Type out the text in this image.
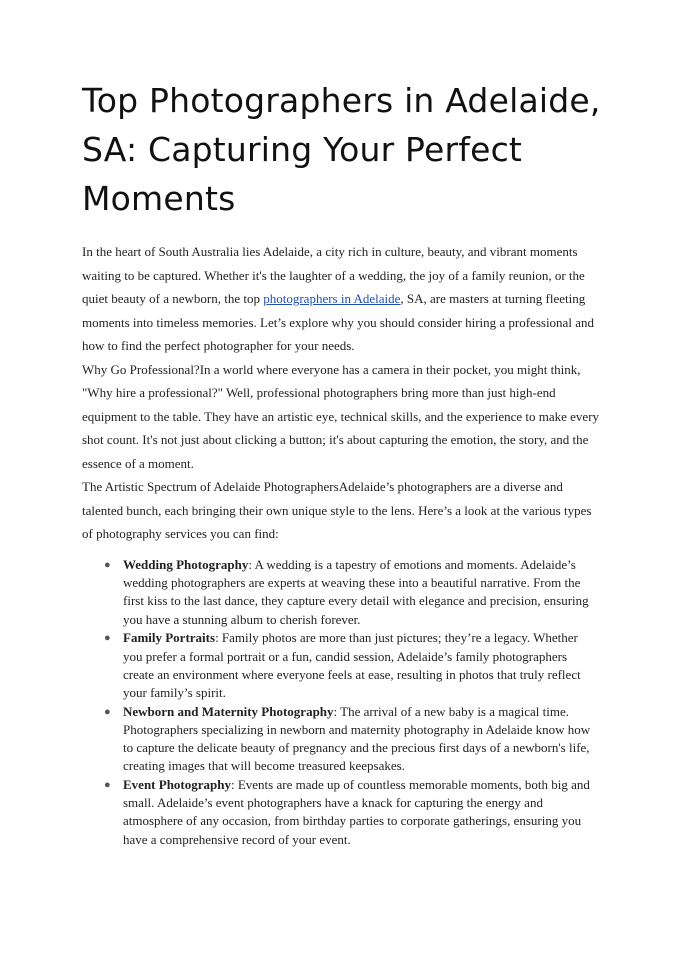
Top Photographers in Adelaide, SA: Capturing Your Perfect Moments

In the heart of South Australia lies Adelaide, a city rich in culture, beauty, and vibrant moments waiting to be captured. Whether it's the laughter of a wedding, the joy of a family reunion, or the quiet beauty of a newborn, the top photographers in Adelaide, SA, are masters at turning fleeting moments into timeless memories. Let’s explore why you should consider hiring a professional and how to find the perfect photographer for your needs.

Why Go Professional?In a world where everyone has a camera in their pocket, you might think, "Why hire a professional?" Well, professional photographers bring more than just high-end equipment to the table. They have an artistic eye, technical skills, and the experience to make every shot count. It's not just about clicking a button; it's about capturing the emotion, the story, and the essence of a moment.

The Artistic Spectrum of Adelaide PhotographersAdelaide’s photographers are a diverse and talented bunch, each bringing their own unique style to the lens. Here’s a look at the various types of photography services you can find:

● Wedding Photography: A wedding is a tapestry of emotions and moments. Adelaide’s wedding photographers are experts at weaving these into a beautiful narrative. From the first kiss to the last dance, they capture every detail with elegance and precision, ensuring you have a stunning album to cherish forever.
● Family Portraits: Family photos are more than just pictures; they’re a legacy. Whether you prefer a formal portrait or a fun, candid session, Adelaide’s family photographers create an environment where everyone feels at ease, resulting in photos that truly reflect your family’s spirit.
● Newborn and Maternity Photography: The arrival of a new baby is a magical time. Photographers specializing in newborn and maternity photography in Adelaide know how to capture the delicate beauty of pregnancy and the precious first days of a newborn's life, creating images that will become treasured keepsakes.
● Event Photography: Events are made up of countless memorable moments, both big and small. Adelaide’s event photographers have a knack for capturing the energy and atmosphere of any occasion, from birthday parties to corporate gatherings, ensuring you have a comprehensive record of your event.
